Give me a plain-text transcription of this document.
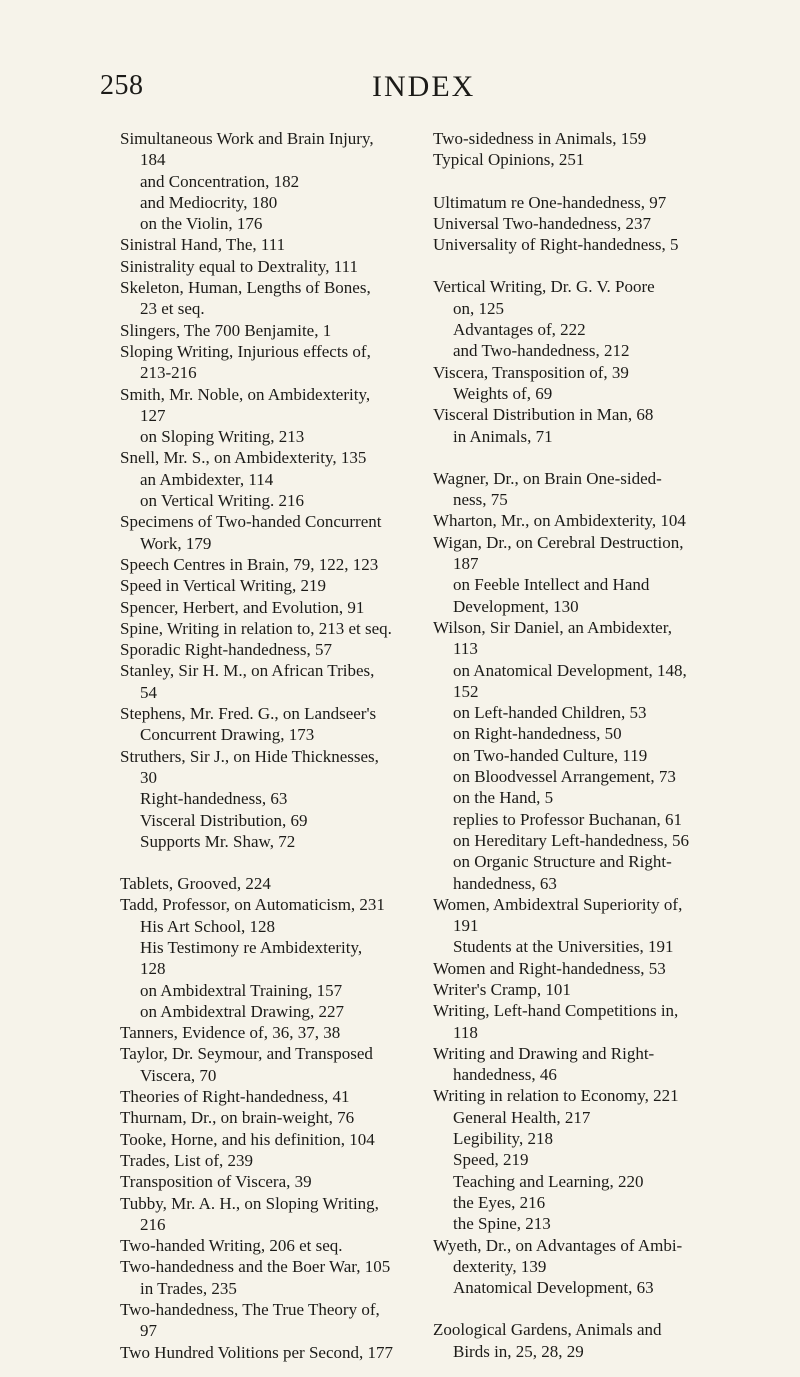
258	INDEX
Simultaneous Work and Brain Injury,
184
and Concentration, 182
and Mediocrity, 180
on the Violin, 176
Sinistral Hand, The, 111
Sinistrality equal to Dextrality, 111
Skeleton, Human, Lengths of Bones,
23 et seq.
Slingers, The 700 Benjamite, 1
Sloping Writing, Injurious effects of,
213-216
Smith, Mr. Noble, on Ambidexterity,
127
on Sloping Writing, 213
Snell, Mr. S., on Ambidexterity, 135
an Ambidexter, 114
on Vertical Writing. 216
Specimens of Two-handed Concurrent
Work, 179
Speech Centres in Brain, 79, 122, 123
Speed in Vertical Writing, 219
Spencer, Herbert, and Evolution, 91
Spine, Writing in relation to, 213 et seq.
Sporadic Right-handedness, 57
Stanley, Sir H. M., on African Tribes,
54
Stephens, Mr. Fred. G., on Landseer's
Concurrent Drawing, 173
Struthers, Sir J., on Hide Thicknesses,
30
Right-handedness, 63
Visceral Distribution, 69
Supports Mr. Shaw, 72
Tablets, Grooved, 224
Tadd, Professor, on Automaticism, 231
His Art School, 128
His Testimony re Ambidexterity,
128
on Ambidextral Training, 157
on Ambidextral Drawing, 227
Tanners, Evidence of, 36, 37, 38
Taylor, Dr. Seymour, and Transposed
Viscera, 70
Theories of Right-handedness, 41
Thurnam, Dr., on brain-weight, 76
Tooke, Horne, and his definition, 104
Trades, List of, 239
Transposition of Viscera, 39
Tubby, Mr. A. H., on Sloping Writing,
216
Two-handed Writing, 206 et seq.
Two-handedness and the Boer War, 105
in Trades, 235
Two-handedness, The True Theory of,
97
Two Hundred Volitions per Second, 177
Two-sidedness in Animals, 159
Typical Opinions, 251
Ultimatum re One-handedness, 97
Universal Two-handedness, 237
Universality of Right-handedness, 5
Vertical Writing, Dr. G. V. Poore
on, 125
Advantages of, 222
and Two-handedness, 212
Viscera, Transposition of, 39
Weights of, 69
Visceral Distribution in Man, 68
in Animals, 71
Wagner, Dr., on Brain One-sided-
ness, 75
Wharton, Mr., on Ambidexterity, 104
Wigan, Dr., on Cerebral Destruction,
187
on Feeble Intellect and Hand
Development, 130
Wilson, Sir Daniel, an Ambidexter,
113
on Anatomical Development, 148,
152
on Left-handed Children, 53
on Right-handedness, 50
on Two-handed Culture, 119
on Bloodvessel Arrangement, 73
on the Hand, 5
replies to Professor Buchanan, 61
on Hereditary Left-handedness, 56
on Organic Structure and Right-
handedness, 63
Women, Ambidextral Superiority of,
191
Students at the Universities, 191
Women and Right-handedness, 53
Writer's Cramp, 101
Writing, Left-hand Competitions in,
118
Writing and Drawing and Right-
handedness, 46
Writing in relation to Economy, 221
General Health, 217
Legibility, 218
Speed, 219
Teaching and Learning, 220
the Eyes, 216
the Spine, 213
Wyeth, Dr., on Advantages of Ambi-
dexterity, 139
Anatomical Development, 63
Zoological Gardens, Animals and
Birds in, 25, 28, 29
